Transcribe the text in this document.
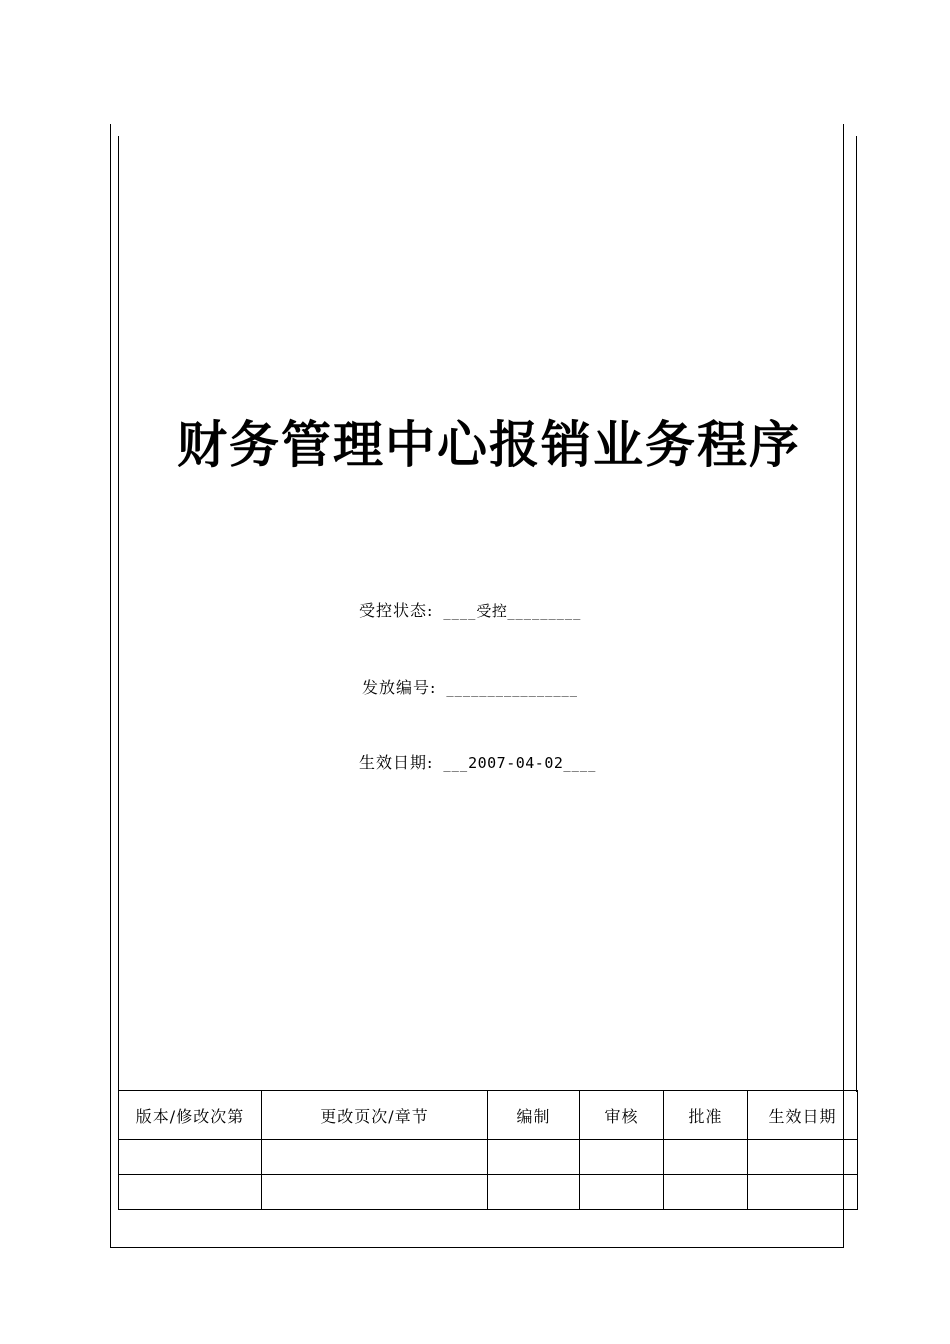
财务管理中心报销业务程序
受控状态: ____受控_________
发放编号: ________________
生效日期: ___2007-04-02____
版本/修改次第	更改页次/章节	编制	审核	批准	生效日期
